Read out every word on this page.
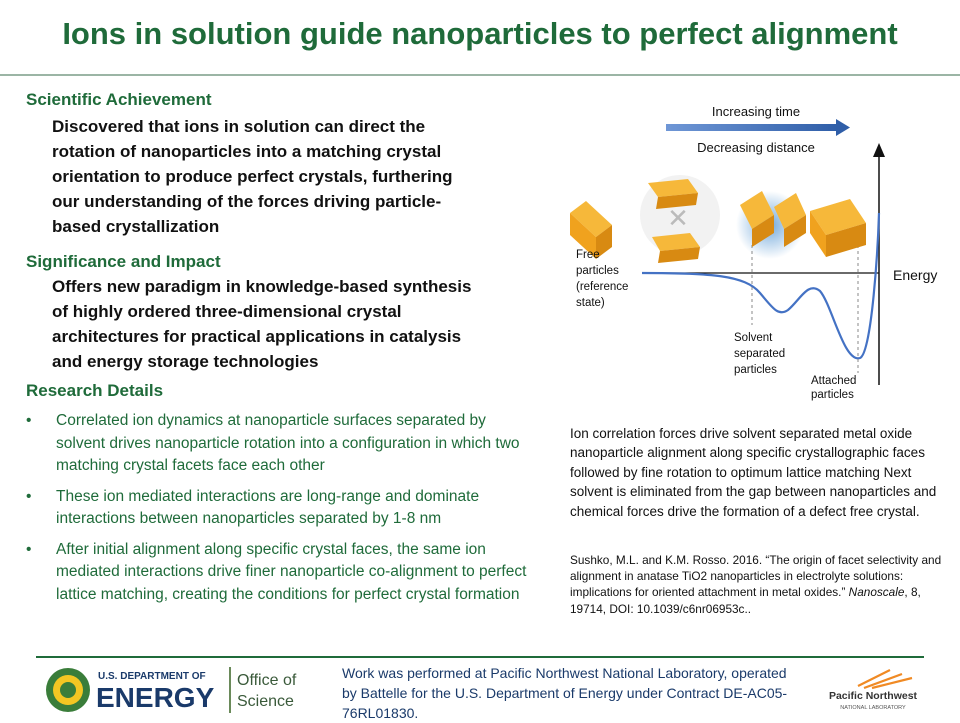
Ions in solution guide nanoparticles to perfect alignment
Scientific Achievement
Discovered that ions in solution can direct the
rotation of nanoparticles into a matching crystal
orientation to produce perfect crystals, furthering
our understanding of the forces driving particle-
based crystallization
Significance and Impact
Offers new paradigm in knowledge-based synthesis
of highly ordered three-dimensional crystal
architectures for practical applications in catalysis
and energy storage technologies
Research Details
• Correlated ion dynamics at nanoparticle surfaces separated by solvent drives nanoparticle rotation into a configuration in which two matching crystal facets face each other
• These ion mediated interactions are long-range and dominate interactions between nanoparticles separated by 1-8 nm
• After initial alignment along specific crystal faces, the same ion mediated interactions drive finer nanoparticle co-alignment to perfect lattice matching, creating the conditions for perfect crystal formation
Increasing time
Decreasing distance
Energy
Free particles (reference state)
✕
Solvent separated particles
Attached particles
Ion correlation forces drive solvent separated metal oxide nanoparticle alignment along specific crystallographic faces followed by fine rotation to optimum lattice matching Next solvent is eliminated from the gap between nanoparticles and chemical forces drive the formation of a defect free crystal.
Sushko, M.L. and K.M. Rosso. 2016. “The origin of facet selectivity and alignment in anatase TiO2 nanoparticles in electrolyte solutions: implications for oriented attachment in metal oxides.” Nanoscale, 8, 19714, DOI: 10.1039/c6nr06953c..
U.S. DEPARTMENT OF
ENERGY
Office of
Science
Work was performed at Pacific Northwest National Laboratory, operated by Battelle for the U.S. Department of Energy under Contract DE-AC05-76RL01830.
Pacific Northwest
NATIONAL LABORATORY
